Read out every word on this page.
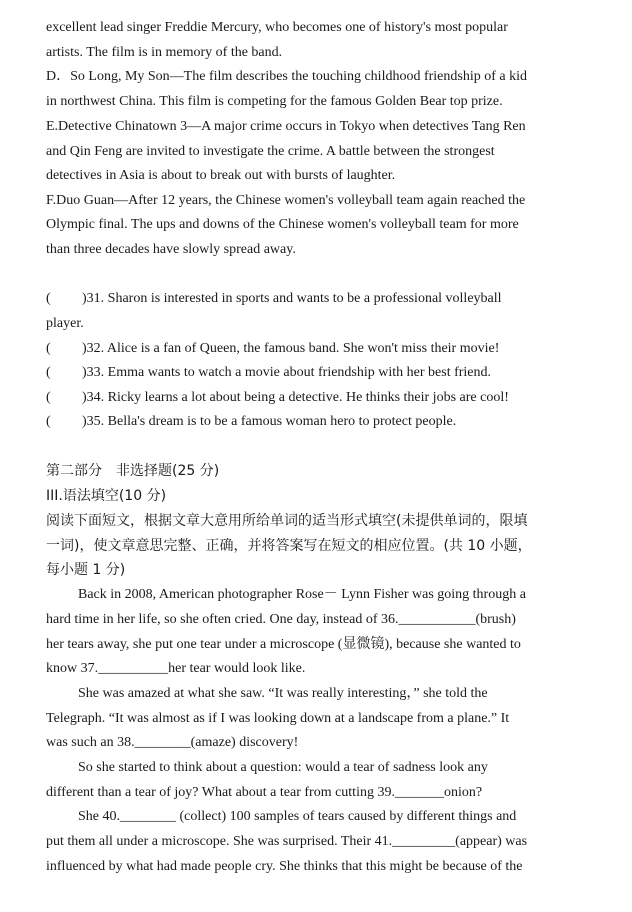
excellent lead singer Freddie Mercury, who becomes one of history's most popular
artists. The film is in memory of the band.
D．So Long, My Son—The film describes the touching childhood friendship of a kid
in northwest China. This film is competing for the famous Golden Bear top prize.
E.Detective Chinatown 3—A major crime occurs in Tokyo when detectives Tang Ren
and Qin Feng are invited to investigate the crime. A battle between the strongest
detectives in Asia is about to break out with bursts of laughter.
F.Duo Guan—After 12 years, the Chinese women's volleyball team again reached the
Olympic final. The ups and downs of the Chinese women's volleyball team for more
than three decades have slowly spread away.
( )31. Sharon is interested in sports and wants to be a professional volleyball
player.
( )32. Alice is a fan of Queen, the famous band. She won't miss their movie!
( )33. Emma wants to watch a movie about friendship with her best friend.
( )34. Ricky learns a lot about being a detective. He thinks their jobs are cool!
( )35. Bella's dream is to be a famous woman hero to protect people.
第二部分　非选择题(25 分)
III.语法填空(10 分)
阅读下面短文，根据文章大意用所给单词的适当形式填空(未提供单词的，限填
一词)，使文章意思完整、正确，并将答案写在短文的相应位置。(共 10 小题，
每小题 1 分)
Back in 2008, American photographer Rose－ Lynn Fisher was going through a
hard time in her life, so she often cried. One day, instead of 36.___________(brush)
her tears away, she put one tear under a microscope (显微镜), because she wanted to
know 37.__________her tear would look like.
She was amazed at what she saw. “It was really interesting，” she told the
Telegraph. “It was almost as if I was looking down at a landscape from a plane.” It
was such an 38.________(amaze) discovery!
So she started to think about a question: would a tear of sadness look any
different than a tear of joy? What about a tear from cutting 39._______onion?
She 40.________ (collect) 100 samples of tears caused by different things and
put them all under a microscope. She was surprised. Their 41._________(appear) was
influenced by what had made people cry. She thinks that this might be because of the
